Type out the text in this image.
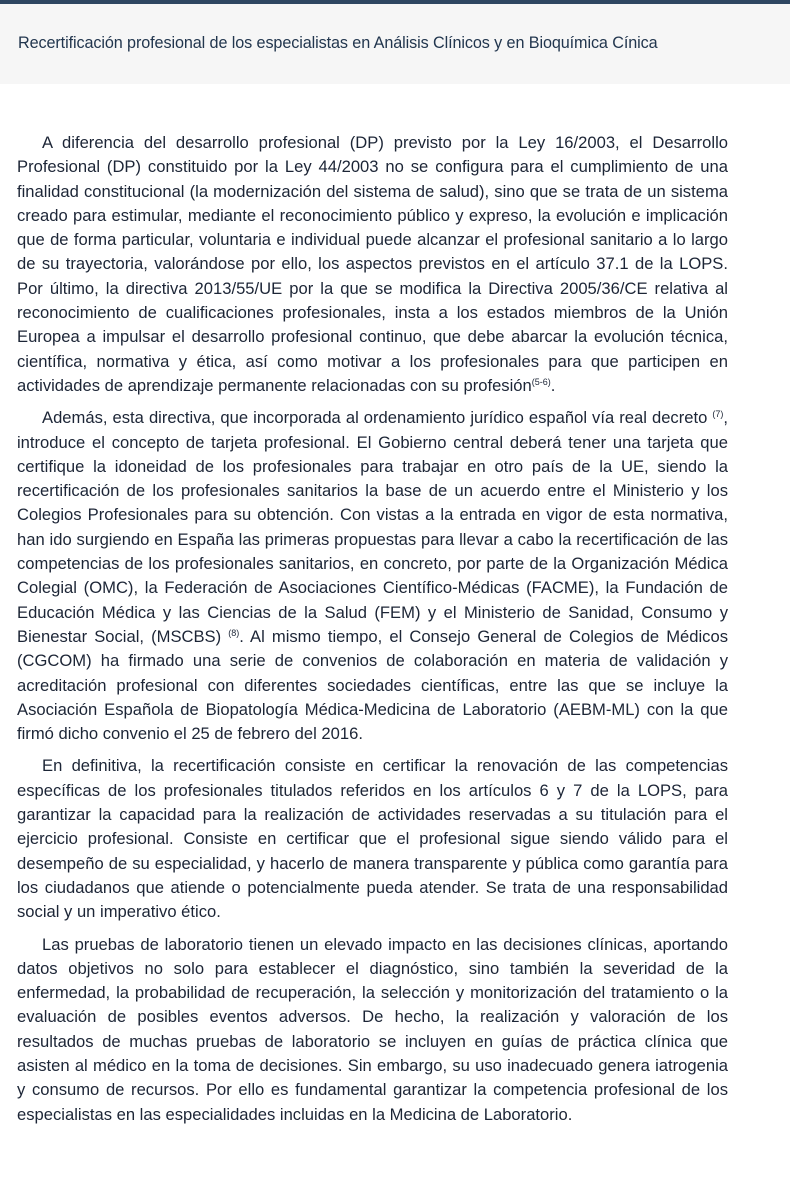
Recertificación profesional de los especialistas en Análisis Clínicos y en Bioquímica Cínica

A diferencia del desarrollo profesional (DP) previsto por la Ley 16/2003, el Desarrollo Profesional (DP) constituido por la Ley 44/2003 no se configura para el cumplimiento de una finalidad constitucional (la modernización del sistema de salud), sino que se trata de un sistema creado para estimular, mediante el reconocimiento público y expreso, la evolución e implicación que de forma particular, voluntaria e individual puede alcanzar el profesional sanitario a lo largo de su trayectoria, valorándose por ello, los aspectos previstos en el artículo 37.1 de la LOPS. Por último, la directiva 2013/55/UE por la que se modifica la Directiva 2005/36/CE relativa al reconocimiento de cualificaciones profesionales, insta a los estados miembros de la Unión Europea a impulsar el desarrollo profesional continuo, que debe abarcar la evolución técnica, científica, normativa y ética, así como motivar a los profesionales para que participen en actividades de aprendizaje permanente relacionadas con su profesión$^{(5-6)}$.

Además, esta directiva, que incorporada al ordenamiento jurídico español vía real decreto $^{(7)}$, introduce el concepto de tarjeta profesional. El Gobierno central deberá tener una tarjeta que certifique la idoneidad de los profesionales para trabajar en otro país de la UE, siendo la recertificación de los profesionales sanitarios la base de un acuerdo entre el Ministerio y los Colegios Profesionales para su obtención. Con vistas a la entrada en vigor de esta normativa, han ido surgiendo en España las primeras propuestas para llevar a cabo la recertificación de las competencias de los profesionales sanitarios, en concreto, por parte de la Organización Médica Colegial (OMC), la Federación de Asociaciones Científico-Médicas (FACME), la Fundación de Educación Médica y las Ciencias de la Salud (FEM) y el Ministerio de Sanidad, Consumo y Bienestar Social, (MSCBS) $^{(8)}$. Al mismo tiempo, el Consejo General de Colegios de Médicos (CGCOM) ha firmado una serie de convenios de colaboración en materia de validación y acreditación profesional con diferentes sociedades científicas, entre las que se incluye la Asociación Española de Biopatología Médica-Medicina de Laboratorio (AEBM-ML) con la que firmó dicho convenio el 25 de febrero del 2016.

En definitiva, la recertificación consiste en certificar la renovación de las competencias específicas de los profesionales titulados referidos en los artículos 6 y 7 de la LOPS, para garantizar la capacidad para la realización de actividades reservadas a su titulación para el ejercicio profesional. Consiste en certificar que el profesional sigue siendo válido para el desempeño de su especialidad, y hacerlo de manera transparente y pública como garantía para los ciudadanos que atiende o potencialmente pueda atender. Se trata de una responsabilidad social y un imperativo ético.

Las pruebas de laboratorio tienen un elevado impacto en las decisiones clínicas, aportando datos objetivos no solo para establecer el diagnóstico, sino también la severidad de la enfermedad, la probabilidad de recuperación, la selección y monitorización del tratamiento o la evaluación de posibles eventos adversos. De hecho, la realización y valoración de los resultados de muchas pruebas de laboratorio se incluyen en guías de práctica clínica que asisten al médico en la toma de decisiones. Sin embargo, su uso inadecuado genera iatrogenia y consumo de recursos. Por ello es fundamental garantizar la competencia profesional de los especialistas en las especialidades incluidas en la Medicina de Laboratorio.
